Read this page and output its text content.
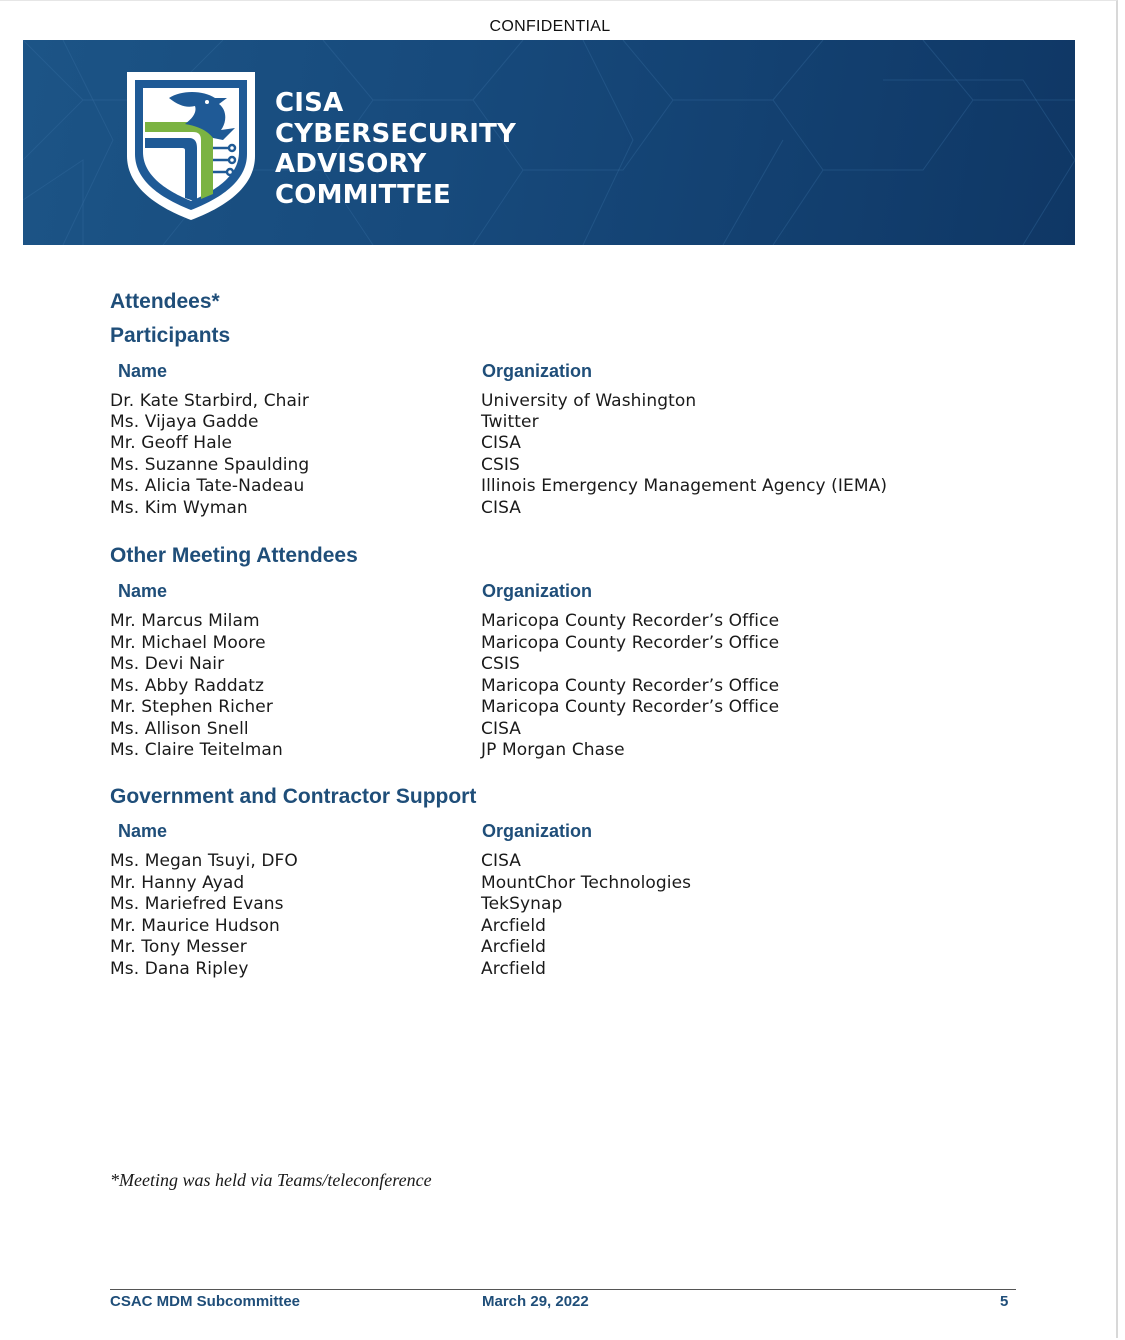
CONFIDENTIAL
CISA
CYBERSECURITY
ADVISORY
COMMITTEE
Attendees*
Participants
Name	Organization
Dr. Kate Starbird, Chair	University of Washington
Ms. Vijaya Gadde	Twitter
Mr. Geoff Hale	CISA
Ms. Suzanne Spaulding	CSIS
Ms. Alicia Tate-Nadeau	Illinois Emergency Management Agency (IEMA)
Ms. Kim Wyman	CISA
Other Meeting Attendees
Name	Organization
Mr. Marcus Milam	Maricopa County Recorder’s Office
Mr. Michael Moore	Maricopa County Recorder’s Office
Ms. Devi Nair	CSIS
Ms. Abby Raddatz	Maricopa County Recorder’s Office
Mr. Stephen Richer	Maricopa County Recorder’s Office
Ms. Allison Snell	CISA
Ms. Claire Teitelman	JP Morgan Chase
Government and Contractor Support
Name	Organization
Ms. Megan Tsuyi, DFO	CISA
Mr. Hanny Ayad	MountChor Technologies
Ms. Mariefred Evans	TekSynap
Mr. Maurice Hudson	Arcfield
Mr. Tony Messer	Arcfield
Ms. Dana Ripley	Arcfield
*Meeting was held via Teams/teleconference
CSAC MDM Subcommittee	March 29, 2022	5
